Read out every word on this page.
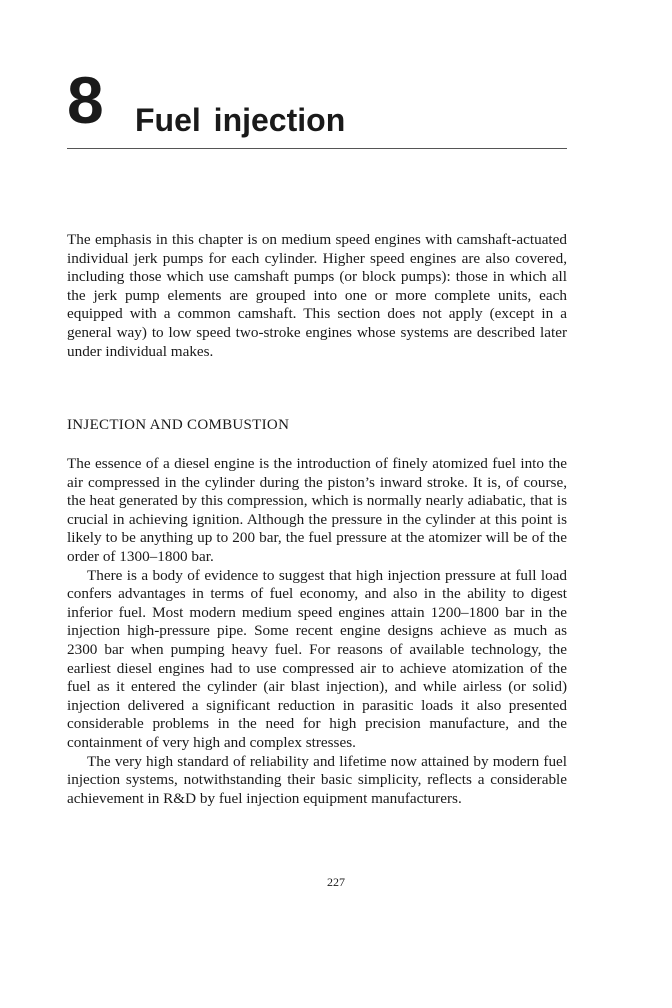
8 Fuel injection

The emphasis in this chapter is on medium speed engines with camshaft-actuated individual jerk pumps for each cylinder. Higher speed engines are also covered, including those which use camshaft pumps (or block pumps): those in which all the jerk pump elements are grouped into one or more complete units, each equipped with a common camshaft. This section does not apply (except in a general way) to low speed two-stroke engines whose systems are described later under individual makes.

INJECTION AND COMBUSTION

The essence of a diesel engine is the introduction of finely atomized fuel into the air compressed in the cylinder during the piston’s inward stroke. It is, of course, the heat generated by this compression, which is normally nearly adiabatic, that is crucial in achieving ignition. Although the pressure in the cylinder at this point is likely to be anything up to 200 bar, the fuel pressure at the atomizer will be of the order of 1300–1800 bar.

There is a body of evidence to suggest that high injection pressure at full load confers advantages in terms of fuel economy, and also in the ability to digest inferior fuel. Most modern medium speed engines attain 1200–1800 bar in the injection high-pressure pipe. Some recent engine designs achieve as much as 2300 bar when pumping heavy fuel. For reasons of available technology, the earliest diesel engines had to use compressed air to achieve atomization of the fuel as it entered the cylinder (air blast injection), and while airless (or solid) injection delivered a significant reduction in parasitic loads it also presented considerable problems in the need for high precision manufacture, and the containment of very high and complex stresses.

The very high standard of reliability and lifetime now attained by modern fuel injection systems, notwithstanding their basic simplicity, reflects a considerable achievement in R&D by fuel injection equipment manufacturers.

227
